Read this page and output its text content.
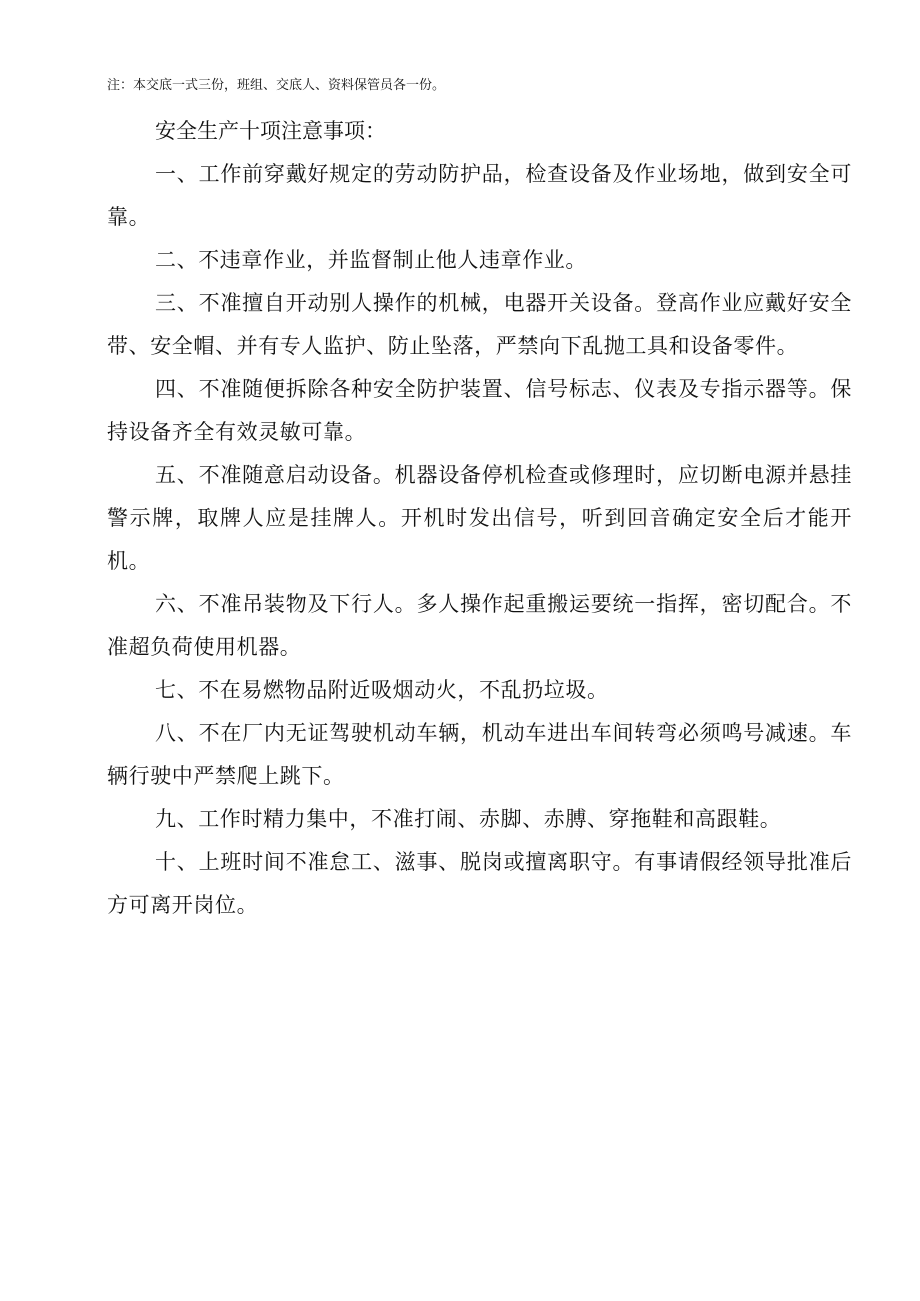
注：本交底一式三份，班组、交底人、资料保管员各一份。

安全生产十项注意事项：

一、工作前穿戴好规定的劳动防护品，检查设备及作业场地，做到安全可靠。

二、不违章作业，并监督制止他人违章作业。

三、不准擅自开动别人操作的机械，电器开关设备。登高作业应戴好安全带、安全帽、并有专人监护、防止坠落，严禁向下乱抛工具和设备零件。

四、不准随便拆除各种安全防护装置、信号标志、仪表及专指示器等。保持设备齐全有效灵敏可靠。

五、不准随意启动设备。机器设备停机检查或修理时，应切断电源并悬挂警示牌，取牌人应是挂牌人。开机时发出信号，听到回音确定安全后才能开机。

六、不准吊装物及下行人。多人操作起重搬运要统一指挥，密切配合。不准超负荷使用机器。

七、不在易燃物品附近吸烟动火，不乱扔垃圾。

八、不在厂内无证驾驶机动车辆，机动车进出车间转弯必须鸣号减速。车辆行驶中严禁爬上跳下。

九、工作时精力集中，不准打闹、赤脚、赤膊、穿拖鞋和高跟鞋。

十、上班时间不准怠工、滋事、脱岗或擅离职守。有事请假经领导批准后方可离开岗位。
